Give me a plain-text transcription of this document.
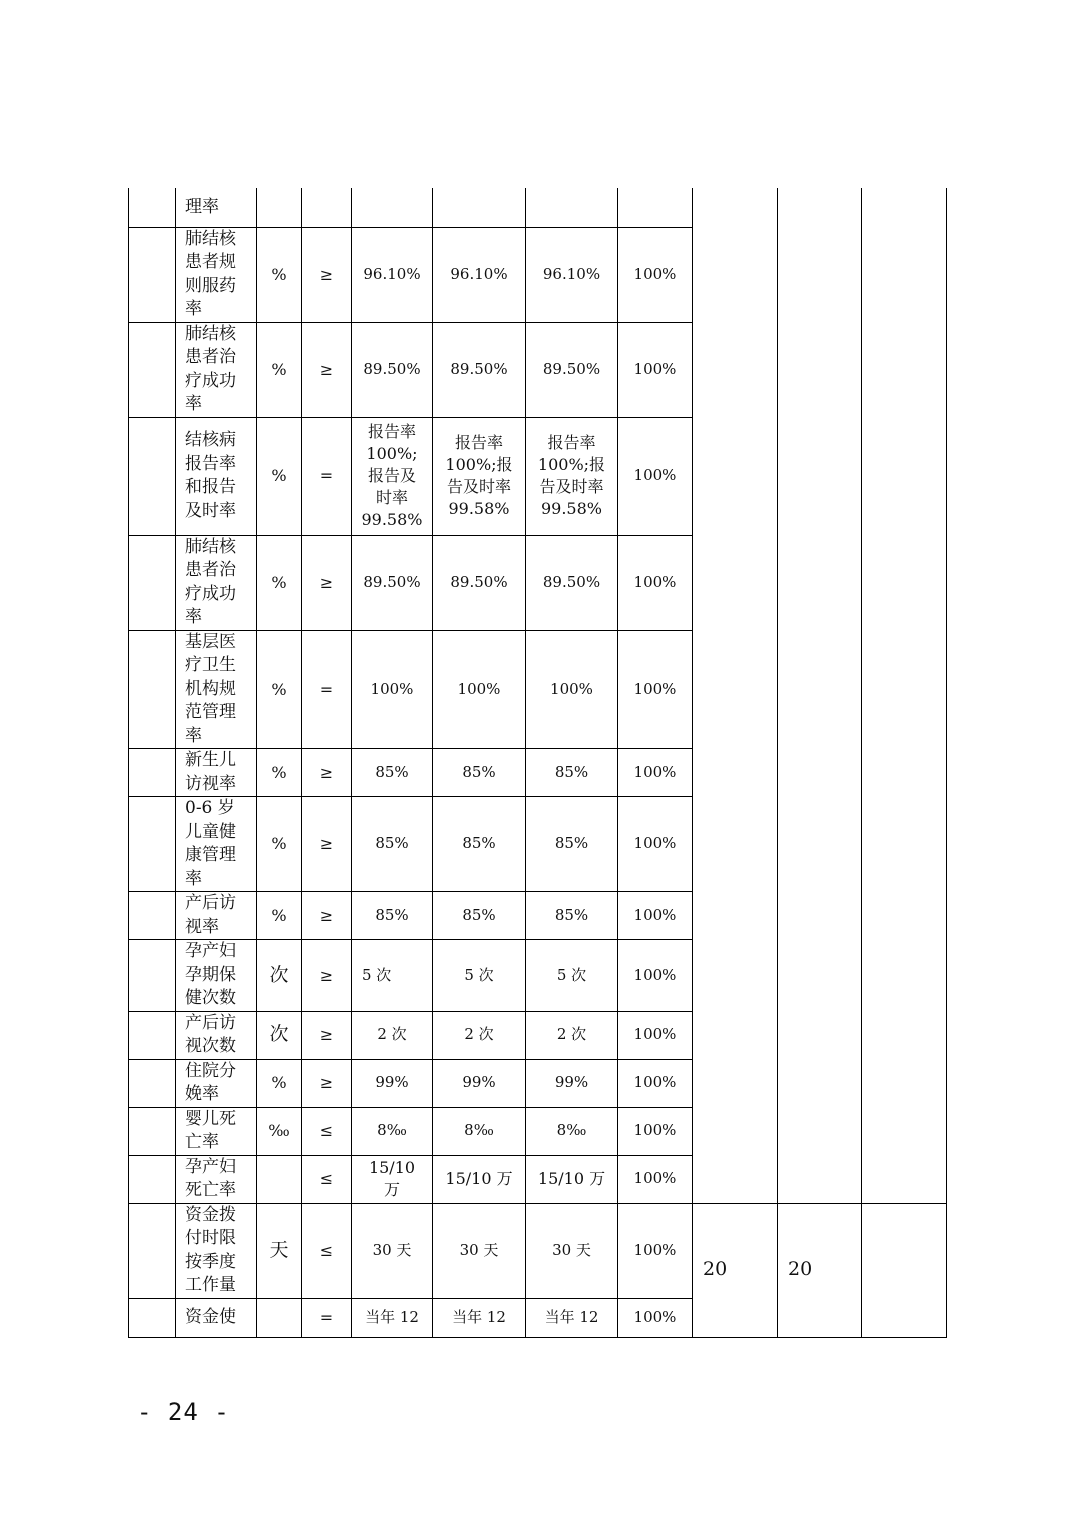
	理率									

	肺结核
患者规
则服药
率	%	≥	96.10%	96.10%	96.10%	100%			

	肺结核
患者治
疗成功
率	%	≥	89.50%	89.50%	89.50%	100%			

	结核病
报告率
和报告
及时率	%	=	报告率
100%;
报告及
时率
99.58%	报告率
100%;报
告及时率
99.58%	报告率
100%;报
告及时率
99.58%	100%			

	肺结核
患者治
疗成功
率	%	≥	89.50%	89.50%	89.50%	100%			

	基层医
疗卫生
机构规
范管理
率	%	=	100%	100%	100%	100%			

	新生儿
访视率	%	≥	85%	85%	85%	100%			

	0-6 岁
儿童健
康管理
率	%	≥	85%	85%	85%	100%			

	产后访
视率	%	≥	85%	85%	85%	100%			

	孕产妇
孕期保
健次数	次	≥	5 次	5 次	5 次	100%			

	产后访
视次数	次	≥	2 次	2 次	2 次	100%			

	住院分
娩率	%	≥	99%	99%	99%	100%			

	婴儿死
亡率	‰	≤	8‰	8‰	8‰	100%			

	孕产妇
死亡率		≤	15/10
万	15/10 万	15/10 万	100%			

	资金拨
付时限
按季度
工作量	天	≤	30 天	30 天	30 天	100%	20	20	

	资金使		=	当年 12	当年 12	当年 12	100%			
- 24 -
